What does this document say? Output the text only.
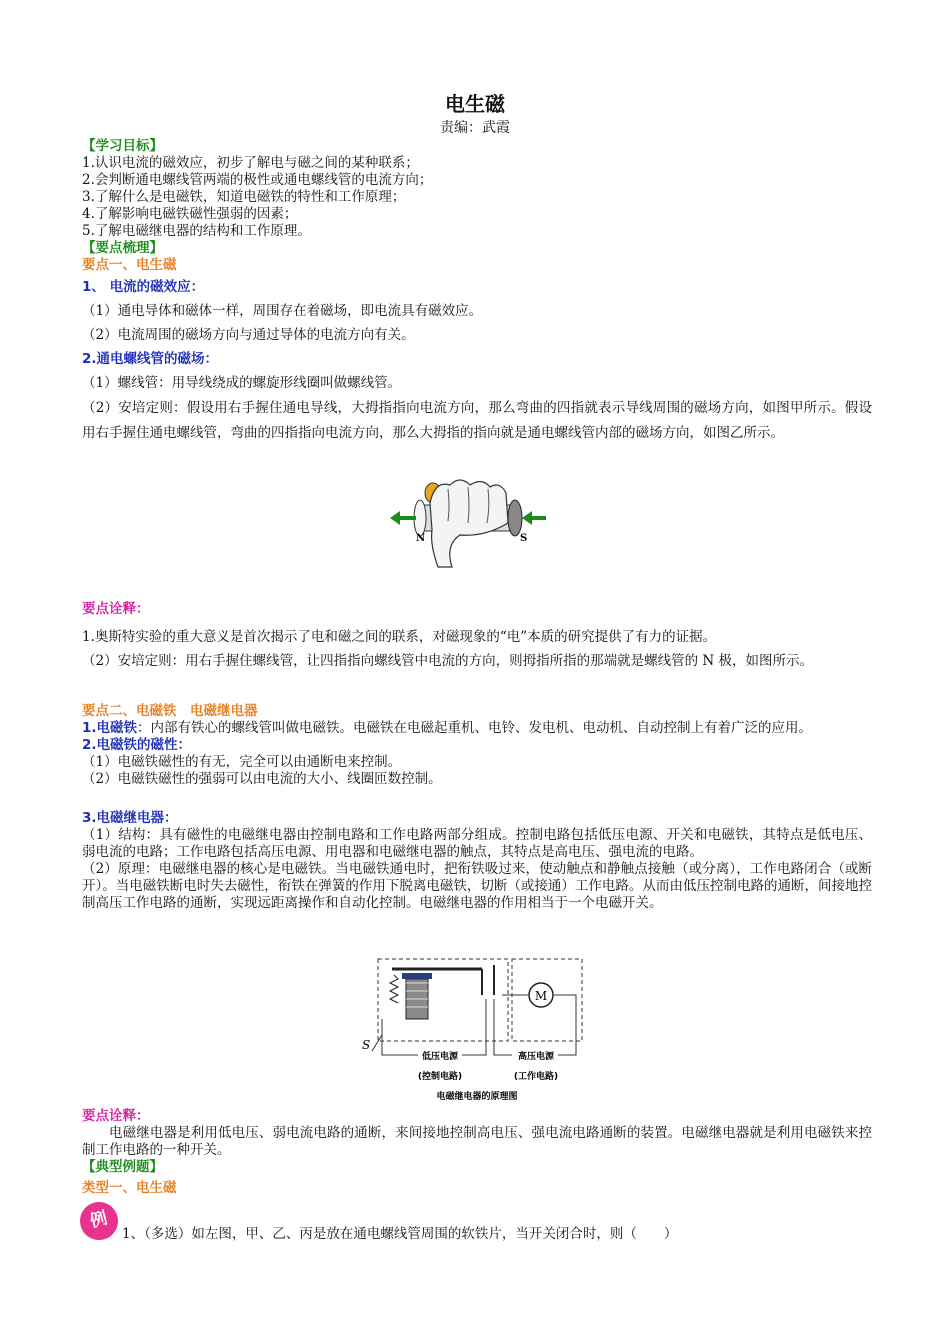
电生磁
责编：武霞

【学习目标】

1.认识电流的磁效应，初步了解电与磁之间的某种联系；

2.会判断通电螺线管两端的极性或通电螺线管的电流方向；

3.了解什么是电磁铁，知道电磁铁的特性和工作原理；

4.了解影响电磁铁磁性强弱的因素；

5.了解电磁继电器的结构和工作原理。

【要点梳理】

要点一、电生磁

1、 电流的磁效应：

（1）通电导体和磁体一样，周围存在着磁场，即电流具有磁效应。

（2）电流周围的磁场方向与通过导体的电流方向有关。

2.通电螺线管的磁场：

（1）螺线管：用导线绕成的螺旋形线圈叫做螺线管。

（2）安培定则：假设用右手握住通电导线，大拇指指向电流方向，那么弯曲的四指就表示导线周围的磁场方向，如图甲所示。假设用右手握住通电螺线管，弯曲的四指指向电流方向，那么大拇指的指向就是通电螺线管内部的磁场方向，如图乙所示。

N	S

要点诠释：

1.奥斯特实验的重大意义是首次揭示了电和磁之间的联系，对磁现象的“电”本质的研究提供了有力的证据。

（2）安培定则：用右手握住螺线管，让四指指向螺线管中电流的方向，则拇指所指的那端就是螺线管的 N 极，如图所示。

要点二、电磁铁　电磁继电器

1.电磁铁：内部有铁心的螺线管叫做电磁铁。电磁铁在电磁起重机、电铃、发电机、电动机、自动控制上有着广泛的应用。

2.电磁铁的磁性：

（1）电磁铁磁性的有无，完全可以由通断电来控制。

（2）电磁铁磁性的强弱可以由电流的大小、线圈匝数控制。

3.电磁继电器：

（1）结构：具有磁性的电磁继电器由控制电路和工作电路两部分组成。控制电路包括低压电源、开关和电磁铁，其特点是低电压、弱电流的电路；工作电路包括高压电源、用电器和电磁继电器的触点，其特点是高电压、强电流的电路。

（2）原理：电磁继电器的核心是电磁铁。当电磁铁通电时，把衔铁吸过来，使动触点和静触点接触（或分离），工作电路闭合（或断开）。当电磁铁断电时失去磁性，衔铁在弹簧的作用下脱离电磁铁，切断（或接通）工作电路。从而由低压控制电路的通断，间接地控制高压工作电路的通断，实现远距离操作和自动化控制。电磁继电器的作用相当于一个电磁开关。

M
S
低压电源
(控制电路)
高压电源
(工作电路)
电磁继电器的原理图

要点诠释：

电磁继电器是利用低电压、弱电流电路的通断，来间接地控制高电压、强电流电路通断的装置。电磁继电器就是利用电磁铁来控制工作电路的一种开关。

【典型例题】

类型一、电生磁

例

1、（多选）如左图，甲、乙、丙是放在通电螺线管周围的软铁片，当开关闭合时，则（　　）
